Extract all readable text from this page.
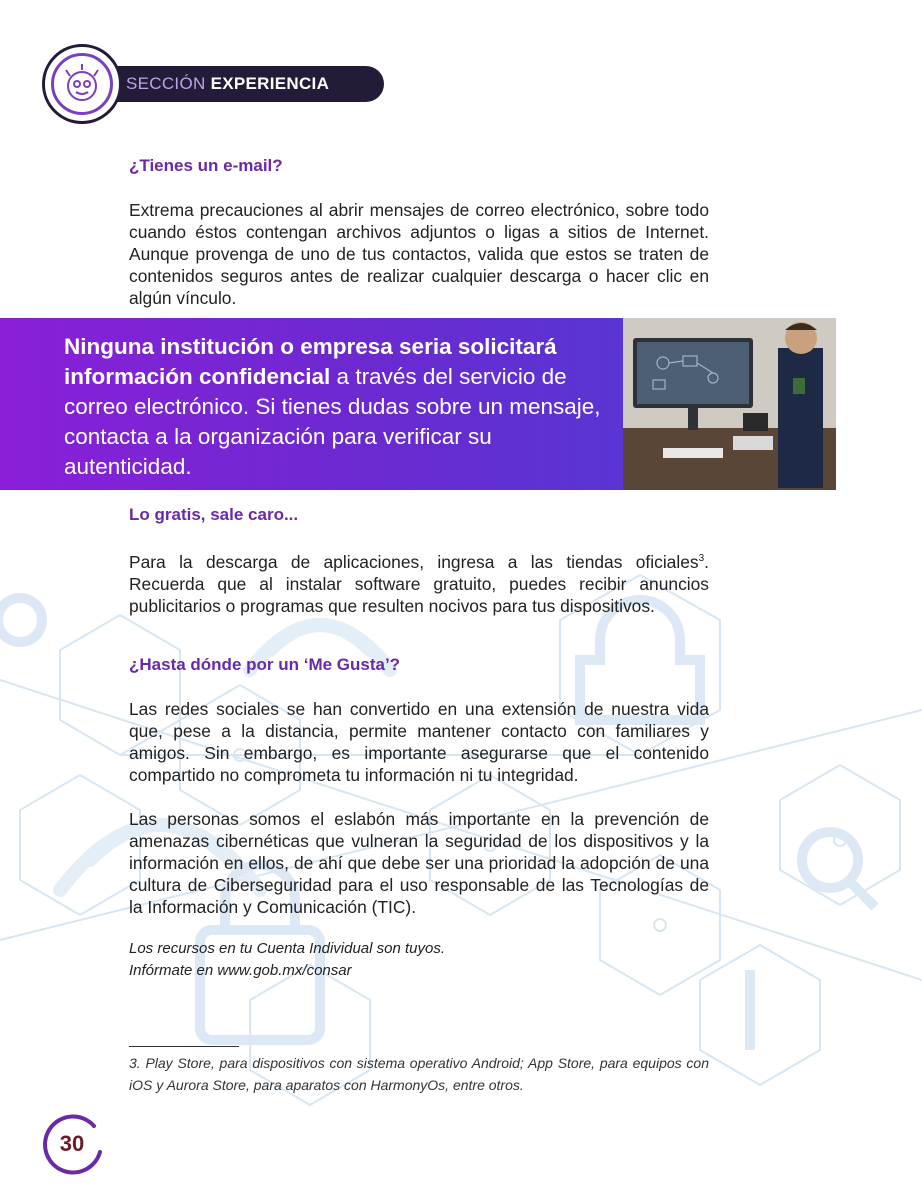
SECCIÓN EXPERIENCIA
¿Tienes un e-mail?

Extrema precauciones al abrir mensajes de correo electrónico, sobre todo cuando éstos contengan archivos adjuntos o ligas a sitios de Internet. Aunque provenga de uno de tus contactos, valida que estos se traten de contenidos seguros antes de realizar cualquier descarga o hacer clic en algún vínculo.

Ninguna institución o empresa seria solicitará información confidencial a través del servicio de correo electrónico. Si tienes dudas sobre un mensaje, contacta a la organización para verificar su autenticidad.
Lo gratis, sale caro...

Para la descarga de aplicaciones, ingresa a las tiendas oficiales$^3$. Recuerda que al instalar software gratuito, puedes recibir anuncios publicitarios o programas que resulten nocivos para tus dispositivos.

¿Hasta dónde por un ‘Me Gusta’?

Las redes sociales se han convertido en una extensión de nuestra vida que, pese a la distancia, permite mantener contacto con familiares y amigos. Sin embargo, es importante asegurarse que el contenido compartido no comprometa tu información ni tu integridad.

Las personas somos el eslabón más importante en la prevención de amenazas cibernéticas que vulneran la seguridad de los dispositivos y la información en ellos, de ahí que debe ser una prioridad la adopción de una cultura de Ciberseguridad para el uso responsable de las Tecnologías de la Información y Comunicación (TIC).

Los recursos en tu Cuenta Individual son tuyos.

Infórmate en www.gob.mx/consar

3. Play Store, para dispositivos con sistema operativo Android; App Store, para equipos con iOS y Aurora Store, para aparatos con HarmonyOs, entre otros.
30
